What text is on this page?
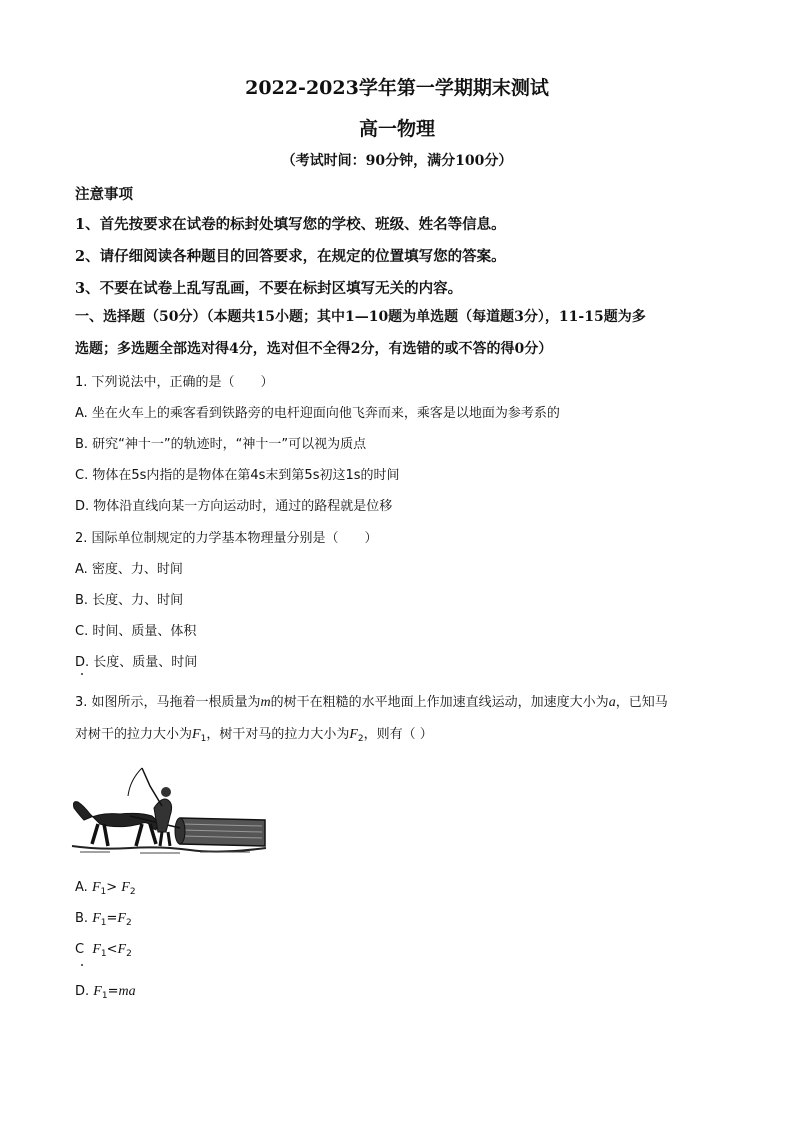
2022-2023学年第一学期期末测试
高一物理
（考试时间：90分钟，满分100分）
注意事项
1、首先按要求在试卷的标封处填写您的学校、班级、姓名等信息。
2、请仔细阅读各种题目的回答要求，在规定的位置填写您的答案。
3、不要在试卷上乱写乱画，不要在标封区填写无关的内容。
一、选择题（50分）（本题共15小题；其中1—10题为单选题（每道题3分），11-15题为多
选题；多选题全部选对得4分，选对但不全得2分，有选错的或不答的得0分）
1. 下列说法中，正确的是（　　）
A. 坐在火车上的乘客看到铁路旁的电杆迎面向他飞奔而来，乘客是以地面为参考系的
B. 研究“神十一”的轨迹时，“神十一”可以视为质点
C. 物体在5s内指的是物体在第4s末到第5s初这1s的时间
D. 物体沿直线向某一方向运动时，通过的路程就是位移
2. 国际单位制规定的力学基本物理量分别是（　　）
A. 密度、力、时间
B. 长度、力、时间
C. 时间、质量、体积
D. 长度、质量、时间
3. 如图所示，马拖着一根质量为m的树干在粗糙的水平地面上作加速直线运动，加速度大小为a，已知马
对树干的拉力大小为$F_1$，树干对马的拉力大小为$F_2$，则有（ ）
A. $F_1> F_2$
B. $F_1=F_2$
C $F_1<F_2$
D. $F_1=ma$
